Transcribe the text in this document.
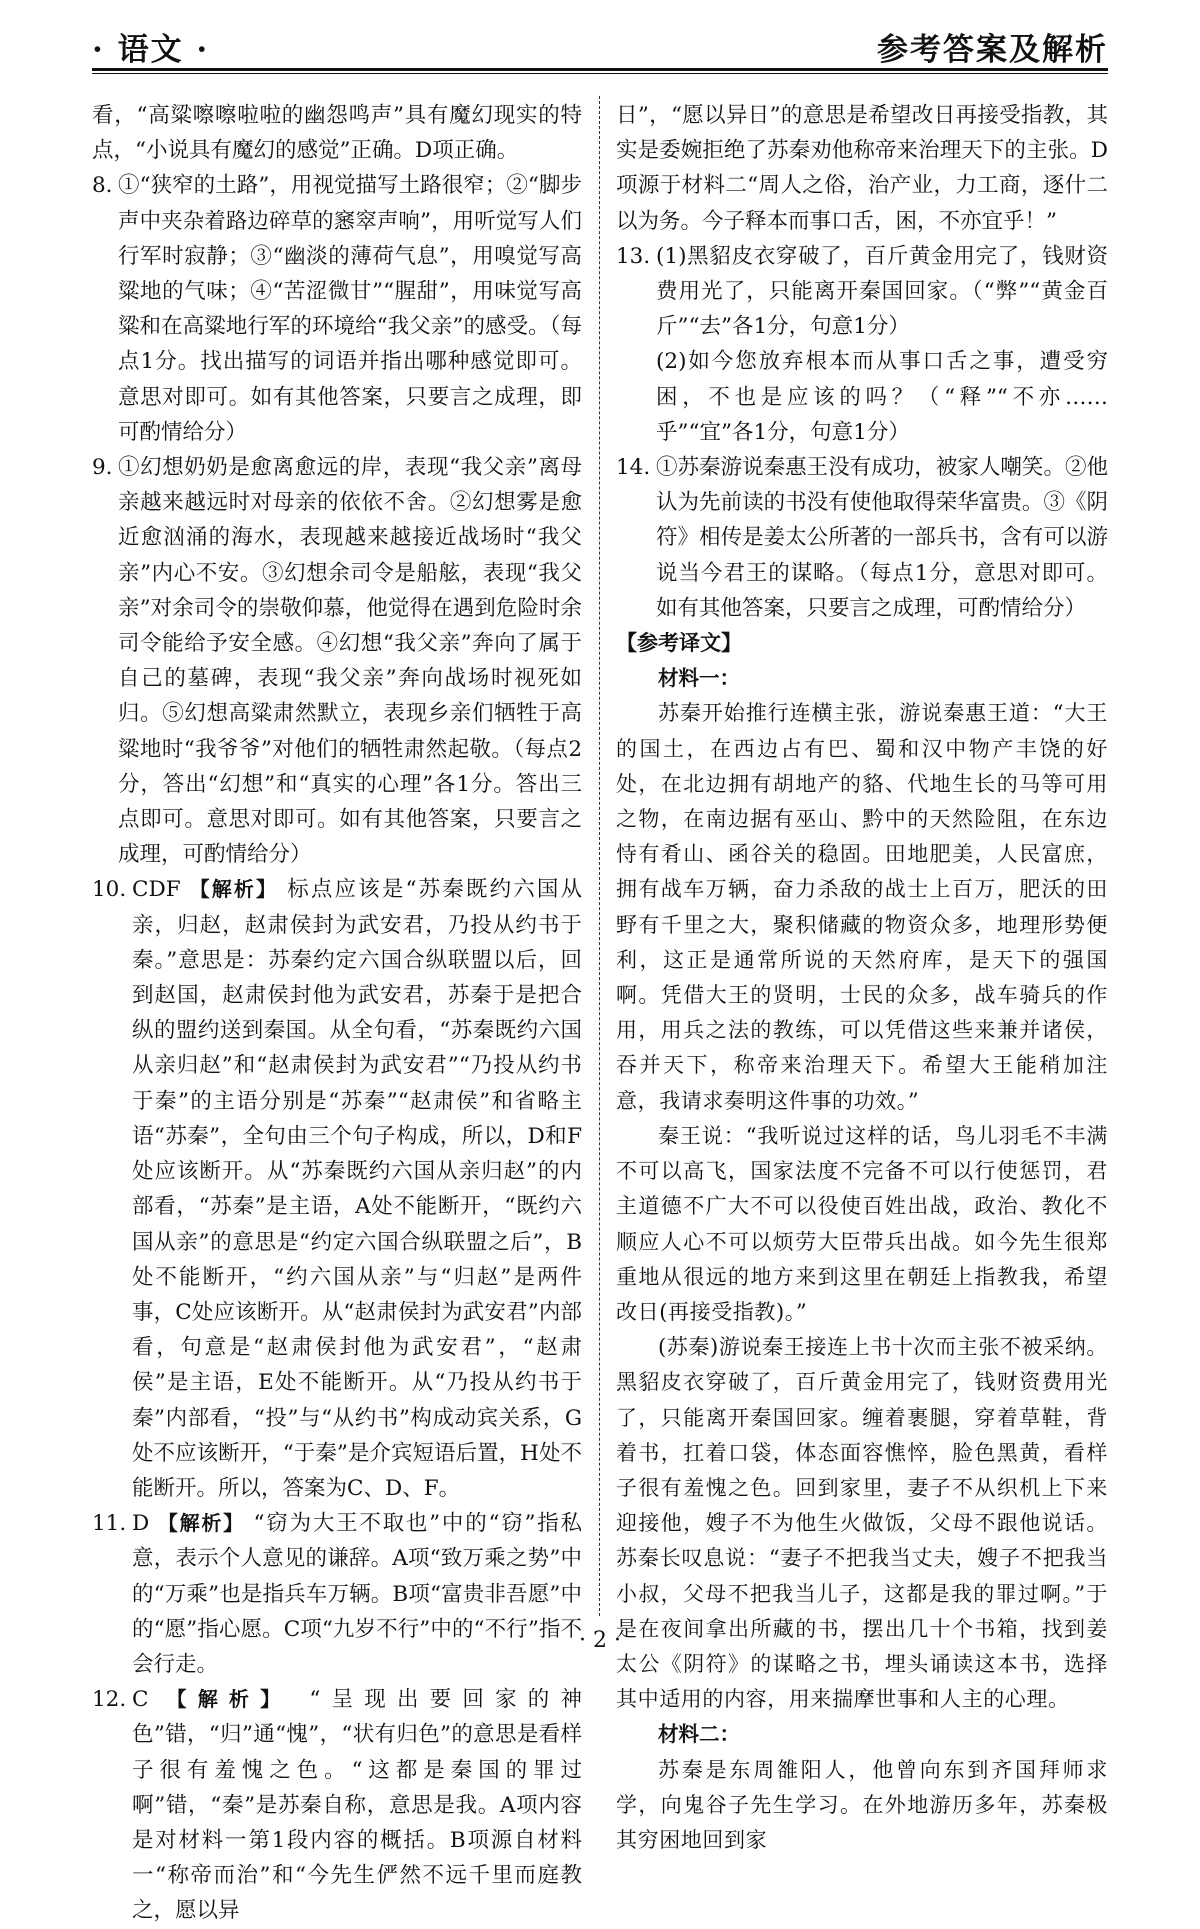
· 语文 ·	参考答案及解析
看，“高粱嚓嚓啦啦的幽怨鸣声”具有魔幻现实的特点，“小说具有魔幻的感觉”正确。D项正确。
8. ①“狭窄的土路”，用视觉描写土路很窄；②“脚步声中夹杂着路边碎草的窸窣声响”，用听觉写人们行军时寂静；③“幽淡的薄荷气息”，用嗅觉写高粱地的气味；④“苦涩微甘”“腥甜”，用味觉写高粱和在高粱地行军的环境给“我父亲”的感受。（每点1分。找出描写的词语并指出哪种感觉即可。意思对即可。如有其他答案，只要言之成理，即可酌情给分）
9. ①幻想奶奶是愈离愈远的岸，表现“我父亲”离母亲越来越远时对母亲的依依不舍。②幻想雾是愈近愈汹涌的海水，表现越来越接近战场时“我父亲”内心不安。③幻想余司令是船舷，表现“我父亲”对余司令的崇敬仰慕，他觉得在遇到危险时余司令能给予安全感。④幻想“我父亲”奔向了属于自己的墓碑，表现“我父亲”奔向战场时视死如归。⑤幻想高粱肃然默立，表现乡亲们牺牲于高粱地时“我爷爷”对他们的牺牲肃然起敬。（每点2分，答出“幻想”和“真实的心理”各1分。答出三点即可。意思对即可。如有其他答案，只要言之成理，可酌情给分）
10. CDF 【解析】 标点应该是“苏秦既约六国从亲，归赵，赵肃侯封为武安君，乃投从约书于秦。”意思是：苏秦约定六国合纵联盟以后，回到赵国，赵肃侯封他为武安君，苏秦于是把合纵的盟约送到秦国。从全句看，“苏秦既约六国从亲归赵”和“赵肃侯封为武安君”“乃投从约书于秦”的主语分别是“苏秦”“赵肃侯”和省略主语“苏秦”，全句由三个句子构成，所以，D和F处应该断开。从“苏秦既约六国从亲归赵”的内部看，“苏秦”是主语，A处不能断开，“既约六国从亲”的意思是“约定六国合纵联盟之后”，B处不能断开，“约六国从亲”与“归赵”是两件事，C处应该断开。从“赵肃侯封为武安君”内部看，句意是“赵肃侯封他为武安君”，“赵肃侯”是主语，E处不能断开。从“乃投从约书于秦”内部看，“投”与“从约书”构成动宾关系，G处不应该断开，“于秦”是介宾短语后置，H处不能断开。所以，答案为C、D、F。
11. D 【解析】 “窃为大王不取也”中的“窃”指私意，表示个人意见的谦辞。A项“致万乘之势”中的“万乘”也是指兵车万辆。B项“富贵非吾愿”中的“愿”指心愿。C项“九岁不行”中的“不行”指不会行走。
12. C 【解析】 “呈现出要回家的神色”错，“归”通“愧”，“状有归色”的意思是看样子很有羞愧之色。“这都是秦国的罪过啊”错，“秦”是苏秦自称，意思是我。A项内容是对材料一第1段内容的概括。B项源自材料一“称帝而治”和“今先生俨然不远千里而庭教之，愿以异
日”，“愿以异日”的意思是希望改日再接受指教，其实是委婉拒绝了苏秦劝他称帝来治理天下的主张。D项源于材料二“周人之俗，治产业，力工商，逐什二以为务。今子释本而事口舌，困，不亦宜乎！”
13. (1)黑貂皮衣穿破了，百斤黄金用完了，钱财资费用光了，只能离开秦国回家。（“弊”“黄金百斤”“去”各1分，句意1分）
(2)如今您放弃根本而从事口舌之事，遭受穷困，不也是应该的吗？（“释”“不亦……乎”“宜”各1分，句意1分）
14. ①苏秦游说秦惠王没有成功，被家人嘲笑。②他认为先前读的书没有使他取得荣华富贵。③《阴符》相传是姜太公所著的一部兵书，含有可以游说当今君王的谋略。（每点1分，意思对即可。如有其他答案，只要言之成理，可酌情给分）
【参考译文】
材料一：
苏秦开始推行连横主张，游说秦惠王道：“大王的国土，在西边占有巴、蜀和汉中物产丰饶的好处，在北边拥有胡地产的貉、代地生长的马等可用之物，在南边据有巫山、黔中的天然险阻，在东边恃有肴山、函谷关的稳固。田地肥美，人民富庶，拥有战车万辆，奋力杀敌的战士上百万，肥沃的田野有千里之大，聚积储藏的物资众多，地理形势便利，这正是通常所说的天然府库，是天下的强国啊。凭借大王的贤明，士民的众多，战车骑兵的作用，用兵之法的教练，可以凭借这些来兼并诸侯，吞并天下，称帝来治理天下。希望大王能稍加注意，我请求奏明这件事的功效。”
秦王说：“我听说过这样的话，鸟儿羽毛不丰满不可以高飞，国家法度不完备不可以行使惩罚，君主道德不广大不可以役使百姓出战，政治、教化不顺应人心不可以烦劳大臣带兵出战。如今先生很郑重地从很远的地方来到这里在朝廷上指教我，希望改日(再接受指教)。”
(苏秦)游说秦王接连上书十次而主张不被采纳。黑貂皮衣穿破了，百斤黄金用完了，钱财资费用光了，只能离开秦国回家。缠着裹腿，穿着草鞋，背着书，扛着口袋，体态面容憔悴，脸色黑黄，看样子很有羞愧之色。回到家里，妻子不从织机上下来迎接他，嫂子不为他生火做饭，父母不跟他说话。苏秦长叹息说：“妻子不把我当丈夫，嫂子不把我当小叔，父母不把我当儿子，这都是我的罪过啊。”于是在夜间拿出所藏的书，摆出几十个书箱，找到姜太公《阴符》的谋略之书，埋头诵读这本书，选择其中适用的内容，用来揣摩世事和人主的心理。
材料二：
苏秦是东周雒阳人，他曾向东到齐国拜师求学，向鬼谷子先生学习。在外地游历多年，苏秦极其穷困地回到家
· 2 ·
